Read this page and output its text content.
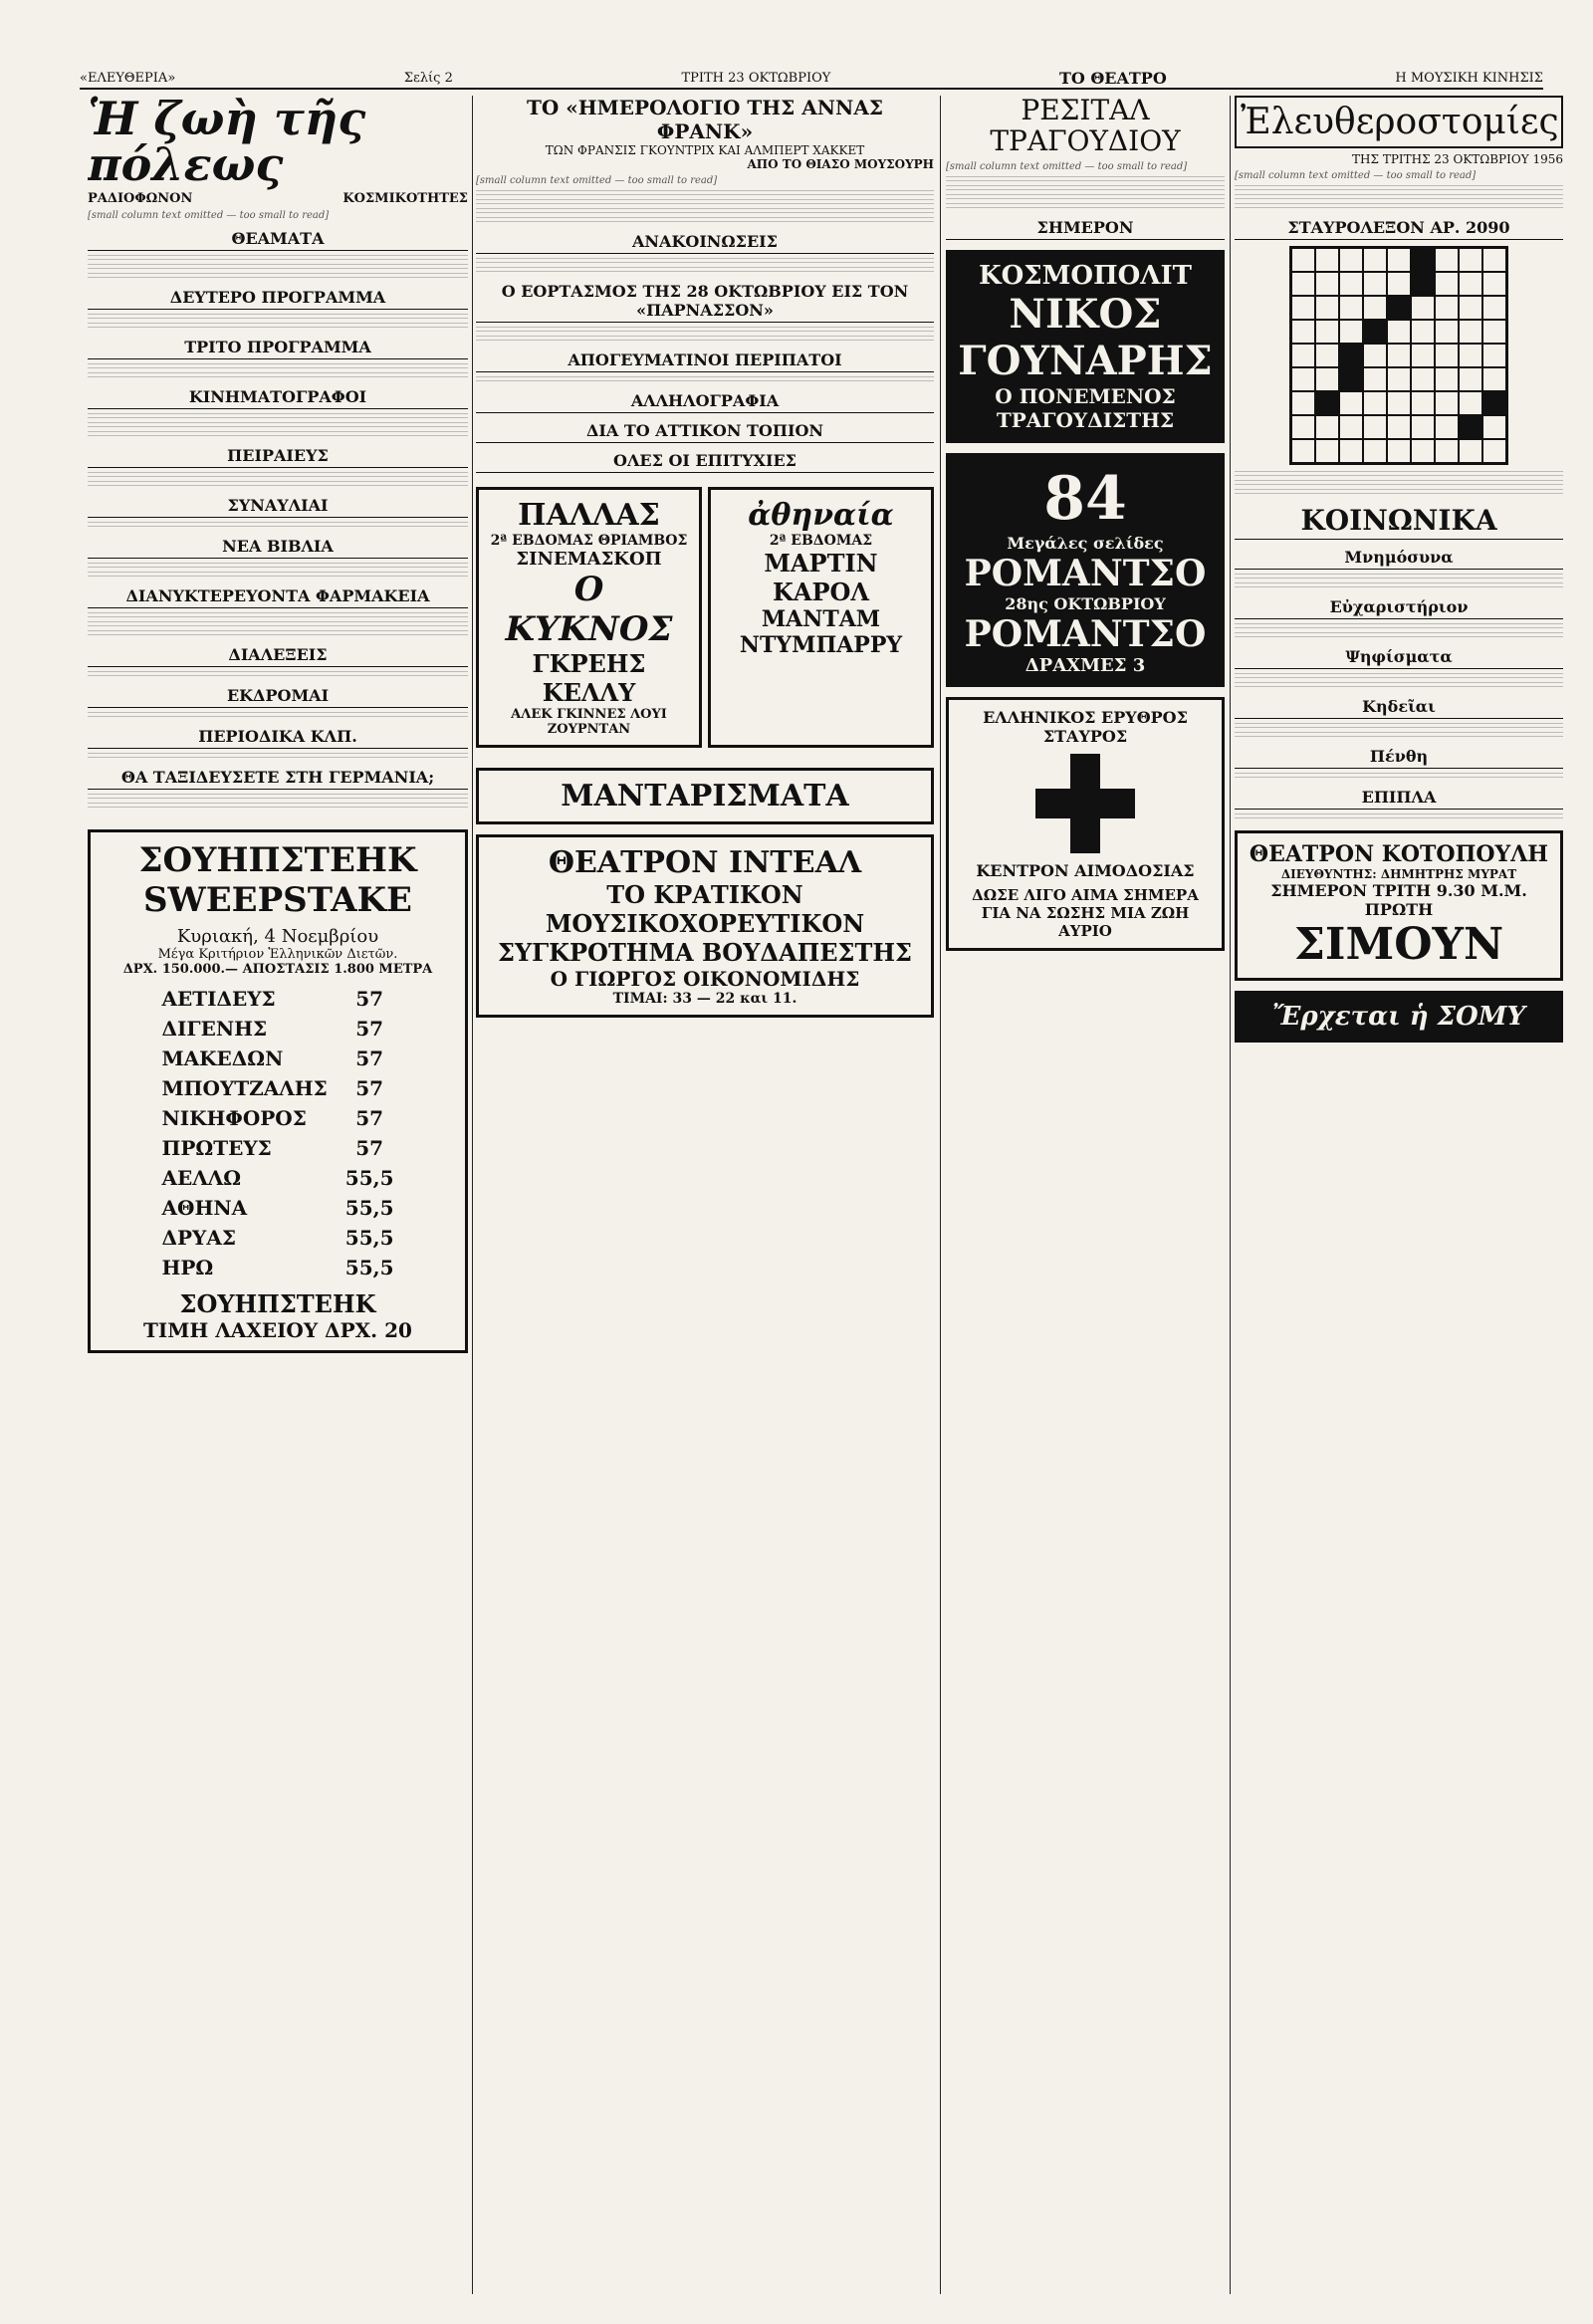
«ΕΛΕΥΘΕΡΙΑ»	Σελίς 2	ΤΡΙΤΗ 23 ΟΚΤΩΒΡΙΟΥ	ΤΟ ΘΕΑΤΡΟ	Η ΜΟΥΣΙΚΗ ΚΙΝΗΣΙΣ
Ἡ ζωὴ τῆς πόλεως
ΡΑΔΙΟΦΩΝΟΝ	ΚΟΣΜΙΚΟΤΗΤΕΣ
[small column text omitted — too small to read]
ΘΕΑΜΑΤΑ
ΔΕΥΤΕΡΟ ΠΡΟΓΡΑΜΜΑ
ΤΡΙΤΟ ΠΡΟΓΡΑΜΜΑ
ΚΙΝΗΜΑΤΟΓΡΑΦΟΙ
ΠΕΙΡΑΙΕΥΣ
ΣΥΝΑΥΛΙΑΙ
ΝΕΑ ΒΙΒΛΙΑ
ΔΙΑΝΥΚΤΕΡΕΥΟΝΤΑ ΦΑΡΜΑΚΕΙΑ
ΔΙΑΛΕΞΕΙΣ
ΕΚΔΡΟΜΑΙ
ΠΕΡΙΟΔΙΚΑ ΚΛΠ.
ΘΑ ΤΑΞΙΔΕΥΣΕΤΕ ΣΤΗ ΓΕΡΜΑΝΙΑ;
ΣΟΥΗΠΣΤΕΗΚ
SWEEPSTAKE
Κυριακή, 4 Νοεμβρίου
Μέγα Κριτήριον Ἑλληνικῶν Διετῶν.
ΔΡΧ. 150.000.— ΑΠΟΣΤΑΣΙΣ 1.800 ΜΕΤΡΑ
ΑΕΤΙΔΕΥΣ	57
ΔΙΓΕΝΗΣ	57
ΜΑΚΕΔΩΝ	57
ΜΠΟΥΤΖΑΛΗΣ	57
ΝΙΚΗΦΟΡΟΣ	57
ΠΡΩΤΕΥΣ	57
ΑΕΛΛΩ	55,5
ΑΘΗΝΑ	55,5
ΔΡΥΑΣ	55,5
ΗΡΩ	55,5
ΣΟΥΗΠΣΤΕΗΚ
ΤΙΜΗ ΛΑΧΕΙΟΥ ΔΡΧ. 20
ΤΟ «ΗΜΕΡΟΛΟΓΙΟ ΤΗΣ ΑΝΝΑΣ ΦΡΑΝΚ»
ΤΩΝ ΦΡΑΝΣΙΣ ΓΚΟΥΝΤΡΙΧ ΚΑΙ ΑΛΜΠΕΡΤ ΧΑΚΚΕΤ
ΑΠΟ ΤΟ ΘΙΑΣΟ ΜΟΥΣΟΥΡΗ
[small column text omitted — too small to read]
ΑΝΑΚΟΙΝΩΣΕΙΣ
Ο ΕΟΡΤΑΣΜΟΣ ΤΗΣ 28 ΟΚΤΩΒΡΙΟΥ ΕΙΣ ΤΟΝ «ΠΑΡΝΑΣΣΟΝ»
ΑΠΟΓΕΥΜΑΤΙΝΟΙ ΠΕΡΙΠΑΤΟΙ
ΑΛΛΗΛΟΓΡΑΦΙΑ
ΔΙΑ ΤΟ ΑΤΤΙΚΟΝ ΤΟΠΙΟΝ
ΟΛΕΣ ΟΙ ΕΠΙΤΥΧΙΕΣ
ΠΑΛΛΑΣ
2ª ΕΒΔΟΜΑΣ ΘΡΙΑΜΒΟΣ
ΣΙΝΕΜΑΣΚΟΠ
Ο ΚΥΚΝΟΣ
ΓΚΡΕΗΣ ΚΕΛΛΥ
ΑΛΕΚ ΓΚΙΝΝΕΣ ΛΟΥΙ ΖΟΥΡΝΤΑΝ
ἀθηναία
2ª ΕΒΔΟΜΑΣ
ΜΑΡΤΙΝ ΚΑΡΟΛ
ΜΑΝΤΑΜ ΝΤΥΜΠΑΡΡΥ
ΜΑΝΤΑΡΙΣΜΑΤΑ
ΘΕΑΤΡΟΝ ΙΝΤΕΑΛ
ΤΟ ΚΡΑΤΙΚΟΝ ΜΟΥΣΙΚΟΧΟΡΕΥΤΙΚΟΝ
ΣΥΓΚΡΟΤΗΜΑ ΒΟΥΔΑΠΕΣΤΗΣ
Ο ΓΙΩΡΓΟΣ ΟΙΚΟΝΟΜΙΔΗΣ
ΤΙΜΑΙ: 33 — 22 και 11.
ΡΕΣΙΤΑΛ ΤΡΑΓΟΥΔΙΟΥ
[small column text omitted — too small to read]
ΣΗΜΕΡΟΝ
ΚΟΣΜΟΠΟΛΙΤ
ΝΙΚΟΣ ΓΟΥΝΑΡΗΣ
Ο ΠΟΝΕΜΕΝΟΣ ΤΡΑΓΟΥΔΙΣΤΗΣ
84
Μεγάλες σελίδες
ΡΟΜΑΝΤΣΟ
28ης ΟΚΤΩΒΡΙΟΥ
ΡΟΜΑΝΤΣΟ
ΔΡΑΧΜΕΣ 3
ΕΛΛΗΝΙΚΟΣ ΕΡΥΘΡΟΣ ΣΤΑΥΡΟΣ
ΚΕΝΤΡΟΝ ΑΙΜΟΔΟΣΙΑΣ
ΔΩΣΕ ΛΙΓΟ ΑΙΜΑ ΣΗΜΕΡΑ ΓΙΑ ΝΑ ΣΩΣΗΣ ΜΙΑ ΖΩΗ ΑΥΡΙΟ
Ἐλευθεροστομίες
ΤΗΣ ΤΡΙΤΗΣ 23 ΟΚΤΩΒΡΙΟΥ 1956
[small column text omitted — too small to read]
ΣΤΑΥΡΟΛΕΞΟΝ ΑΡ. 2090
ΚΟΙΝΩΝΙΚΑ
Μνημόσυνα
Εὐχαριστήριον
Ψηφίσματα
Κηδεῖαι
Πένθη
ΕΠΙΠΛΑ
ΘΕΑΤΡΟΝ ΚΟΤΟΠΟΥΛΗ
ΔΙΕΥΘΥΝΤΗΣ: ΔΗΜΗΤΡΗΣ ΜΥΡΑΤ
ΣΗΜΕΡΟΝ ΤΡΙΤΗ 9.30 Μ.Μ.
ΠΡΩΤΗ
ΣΙΜΟΥΝ
Ἔρχεται ἡ ΣΟΜΥ
